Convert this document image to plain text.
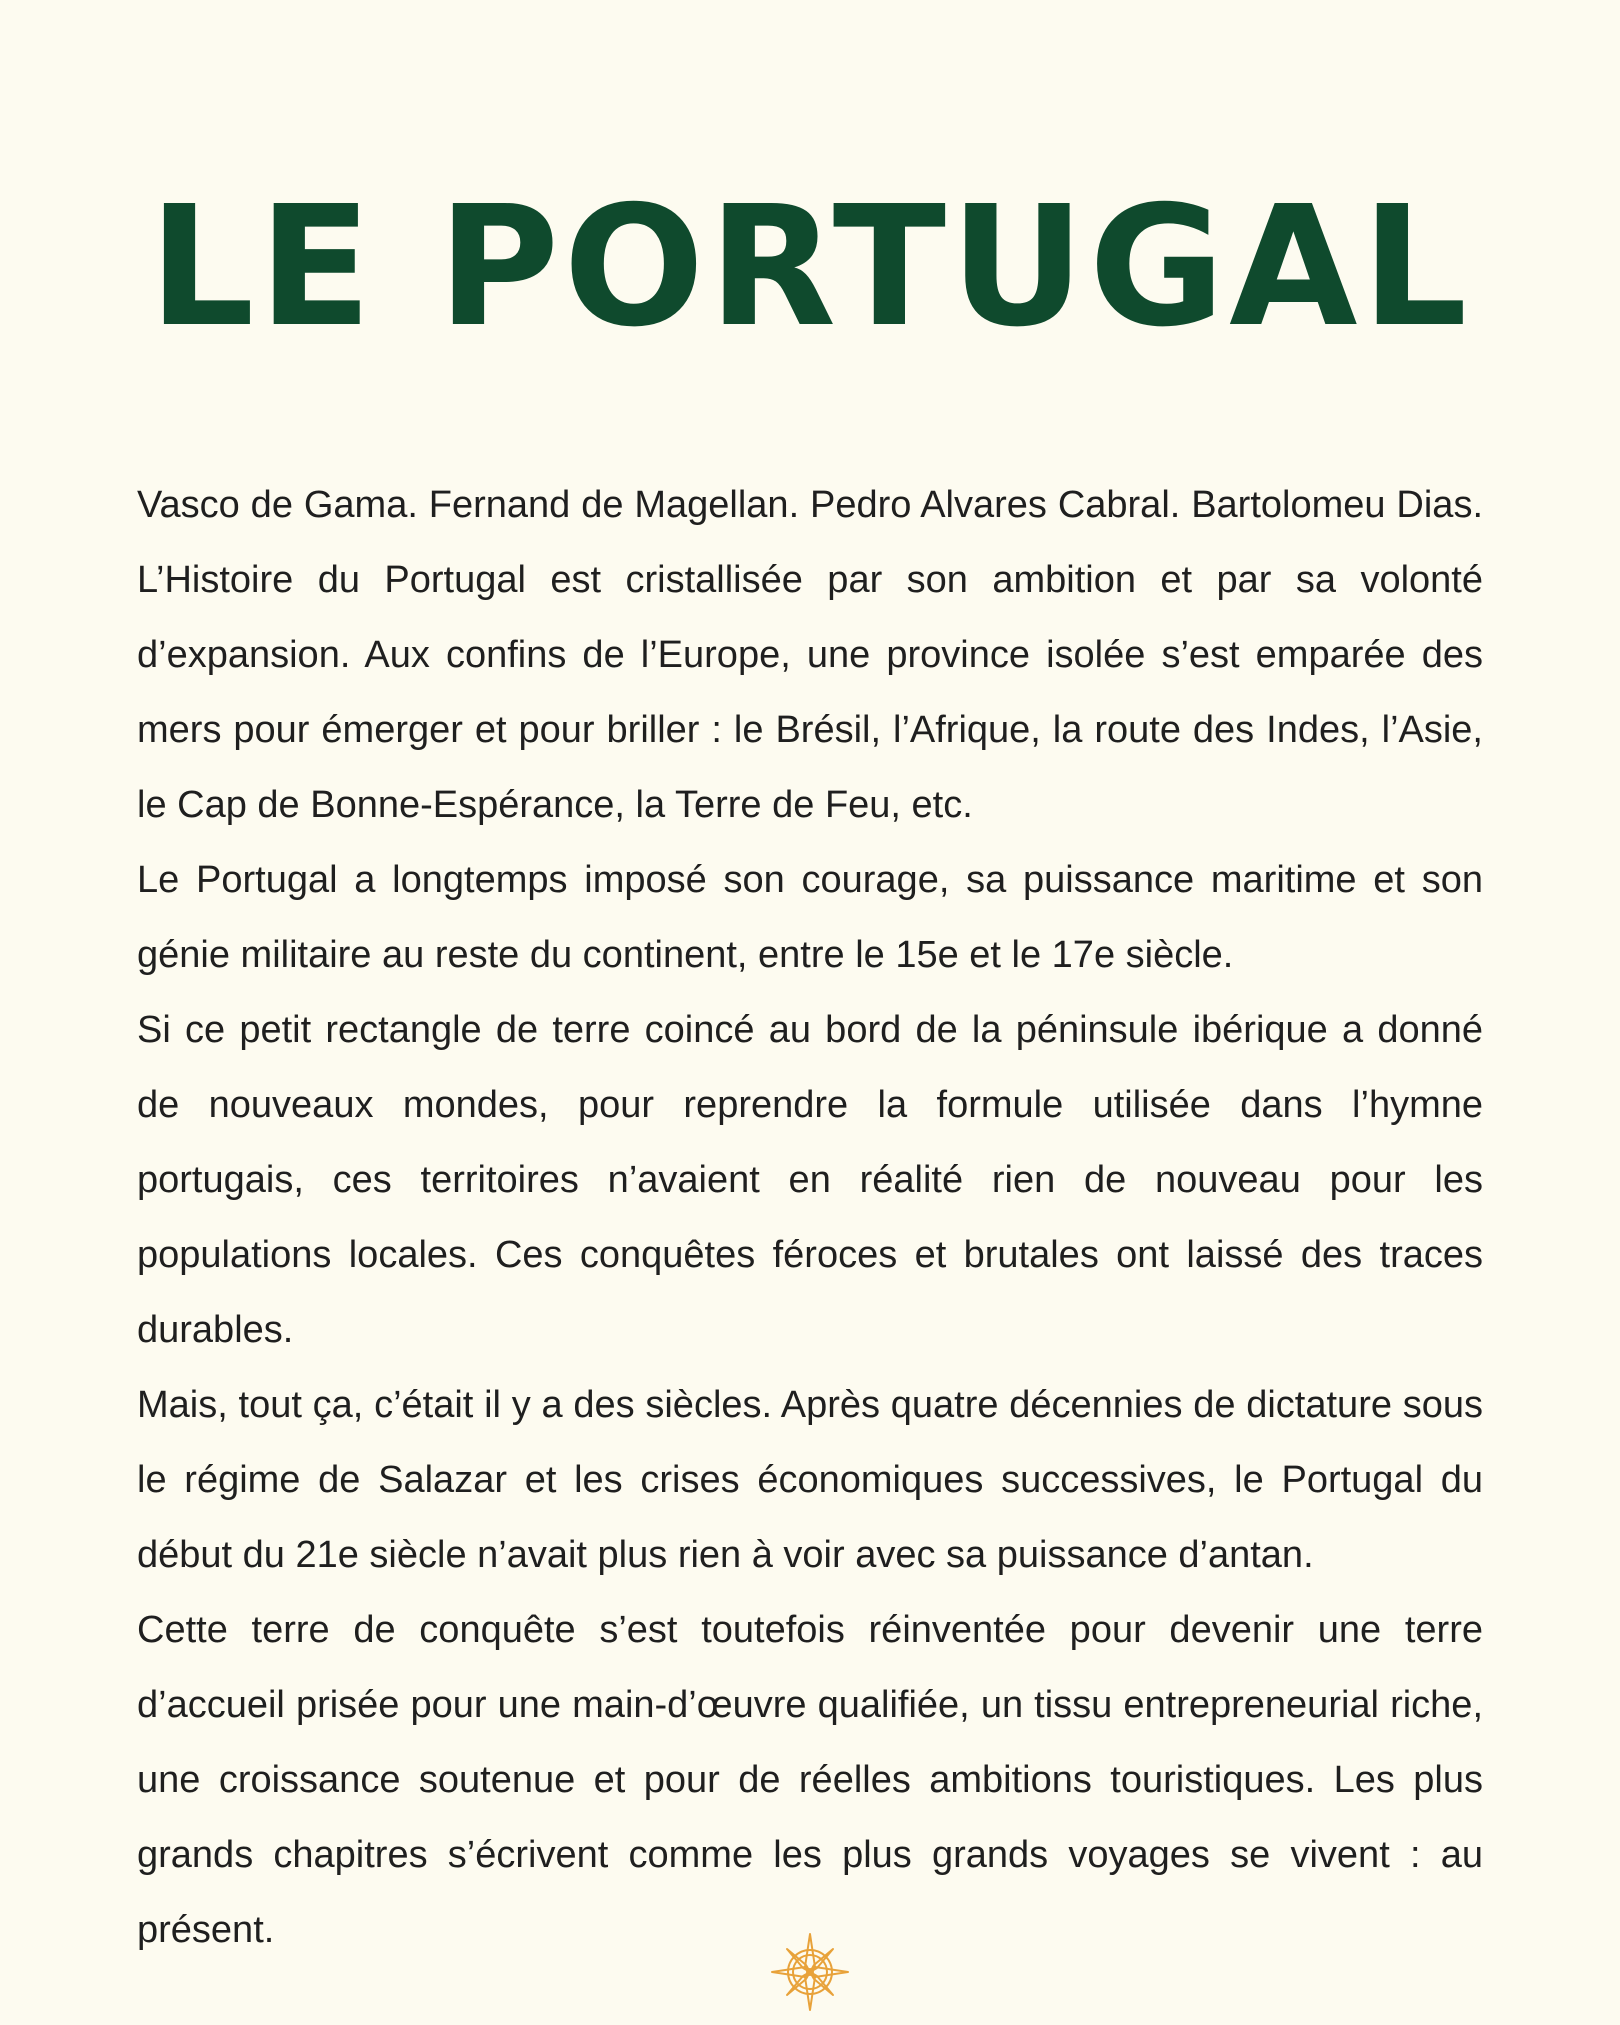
LE PORTUGAL

Vasco de Gama. Fernand de Magellan. Pedro Alvares Cabral. Bartolomeu Dias. L’Histoire du Portugal est cristallisée par son ambition et par sa volonté d’expansion. Aux confins de l’Europe, une province isolée s’est emparée des mers pour émerger et pour briller : le Brésil, l’Afrique, la route des Indes, l’Asie, le Cap de Bonne-Espérance, la Terre de Feu, etc.

Le Portugal a longtemps imposé son courage, sa puissance maritime et son génie militaire au reste du continent, entre le 15e et le 17e siècle.

Si ce petit rectangle de terre coincé au bord de la péninsule ibérique a donné de nouveaux mondes, pour reprendre la formule utilisée dans l’hymne portugais, ces territoires n’avaient en réalité rien de nouveau pour les populations locales. Ces conquêtes féroces et brutales ont laissé des traces durables.

Mais, tout ça, c’était il y a des siècles. Après quatre décennies de dictature sous le régime de Salazar et les crises économiques successives, le Portugal du début du 21e siècle n’avait plus rien à voir avec sa puissance d’antan.

Cette terre de conquête s’est toutefois réinventée pour devenir une terre d’accueil prisée pour une main-d’œuvre qualifiée, un tissu entrepreneurial riche, une croissance soutenue et pour de réelles ambitions touristiques. Les plus grands chapitres s’écrivent comme les plus grands voyages se vivent : au présent.
